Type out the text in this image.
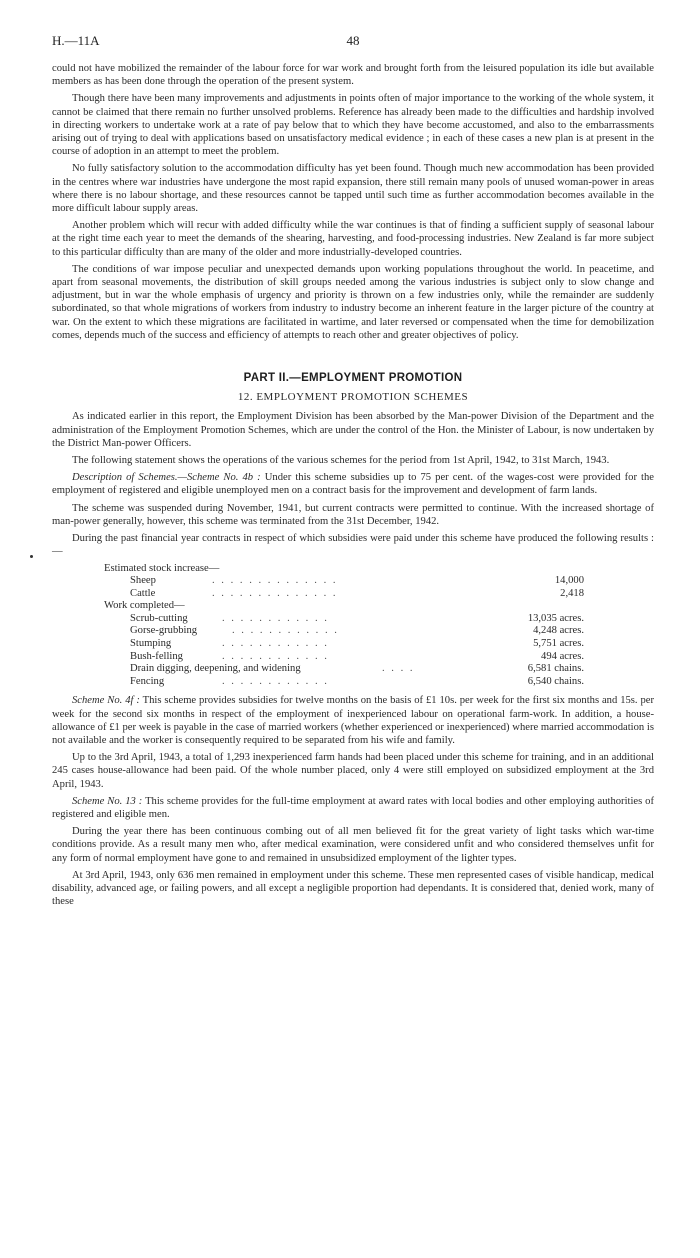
H.—11A	48

could not have mobilized the remainder of the labour force for war work and brought forth from the leisured population its idle but available members as has been done through the operation of the present system.

Though there have been many improvements and adjustments in points often of major importance to the working of the whole system, it cannot be claimed that there remain no further unsolved problems. Reference has already been made to the difficulties and hardship involved in directing workers to undertake work at a rate of pay below that to which they have become accustomed, and also to the embarrassments arising out of trying to deal with applications based on unsatisfactory medical evidence ; in each of these cases a new plan is at present in the course of adoption in an attempt to meet the problem.

No fully satisfactory solution to the accommodation difficulty has yet been found. Though much new accommodation has been provided in the centres where war industries have undergone the most rapid expansion, there still remain many pools of unused woman-power in areas where there is no labour shortage, and these resources cannot be tapped until such time as further accommodation becomes available in the more difficult labour supply areas.

Another problem which will recur with added difficulty while the war continues is that of finding a sufficient supply of seasonal labour at the right time each year to meet the demands of the shearing, harvesting, and food-processing industries. New Zealand is far more subject to this particular difficulty than are many of the older and more industrially-developed countries.

The conditions of war impose peculiar and unexpected demands upon working populations throughout the world. In peacetime, and apart from seasonal movements, the distribution of skill groups needed among the various industries is subject only to slow change and adjustment, but in war the whole emphasis of urgency and priority is thrown on a few industries only, while the remainder are suddenly subordinated, so that whole migrations of workers from industry to industry become an inherent feature in the larger picture of the country at war. On the extent to which these migrations are facilitated in wartime, and later reversed or compensated when the time for demobilization comes, depends much of the success and efficiency of attempts to reach other and greater objectives of policy.

PART II.—EMPLOYMENT PROMOTION
12. EMPLOYMENT PROMOTION SCHEMES

As indicated earlier in this report, the Employment Division has been absorbed by the Man-power Division of the Department and the administration of the Employment Promotion Schemes, which are under the control of the Hon. the Minister of Labour, is now undertaken by the District Man-power Officers.

The following statement shows the operations of the various schemes for the period from 1st April, 1942, to 31st March, 1943.

Description of Schemes.—Scheme No. 4b : Under this scheme subsidies up to 75 per cent. of the wages-cost were provided for the employment of registered and eligible unemployed men on a contract basis for the improvement and development of farm lands.

The scheme was suspended during November, 1941, but current contracts were permitted to continue. With the increased shortage of man-power generally, however, this scheme was terminated from the 31st December, 1942.

During the past financial year contracts in respect of which subsidies were paid under this scheme have produced the following results :—

Estimated stock increase—
Sheep	. . . . . . . . . . . . . .	14,000
Cattle	. . . . . . . . . . . . . .	2,418
Work completed—
Scrub-cutting	. . . . . . . . . . . .	13,035 acres.
Gorse-grubbing	. . . . . . . . . . . .	4,248 acres.
Stumping	. . . . . . . . . . . .	5,751 acres.
Bush-felling	. . . . . . . . . . . .	494 acres.
Drain digging, deepening, and widening	. . . .	6,581 chains.
Fencing	. . . . . . . . . . . .	6,540 chains.

Scheme No. 4f : This scheme provides subsidies for twelve months on the basis of £1 10s. per week for the first six months and 15s. per week for the second six months in respect of the employment of inexperienced labour on operational farm-work. In addition, a house-allowance of £1 per week is payable in the case of married workers (whether experienced or inexperienced) where married accommodation is not available and the worker is consequently required to be separated from his wife and family.

Up to the 3rd April, 1943, a total of 1,293 inexperienced farm hands had been placed under this scheme for training, and in an additional 245 cases house-allowance had been paid. Of the whole number placed, only 4 were still employed on subsidized employment at the 3rd April, 1943.

Scheme No. 13 : This scheme provides for the full-time employment at award rates with local bodies and other employing authorities of registered and eligible men.

During the year there has been continuous combing out of all men believed fit for the great variety of light tasks which war-time conditions provide. As a result many men who, after medical examination, were considered unfit and who considered themselves unfit for any form of normal employment have gone to and remained in unsubsidized employment of the lighter types.

At 3rd April, 1943, only 636 men remained in employment under this scheme. These men represented cases of visible handicap, medical disability, advanced age, or failing powers, and all except a negligible proportion had dependants. It is considered that, denied work, many of these
